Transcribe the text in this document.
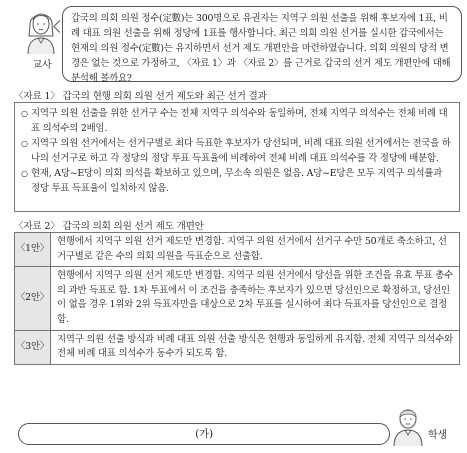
교사
갑국의 의회 의원 정수(定數)는 300명으로 유권자는 지역구 의원 선출을 위해 후보자에 1표, 비례 대표 의원 선출을 위해 정당에 1표를 행사합니다. 최근 의회 의원 선거를 실시한 갑국에서는 현재의 의원 정수(定數)는 유지하면서 선거 제도 개편안을 마련하였습니다. 의회 의원의 당적 변경은 없는 것으로 가정하고, 〈자료 1〉과 〈자료 2〉를 근거로 갑국의 선거 제도 개편안에 대해 분석해 볼까요?
〈자료 1〉 갑국의 현행 의회 의원 선거 제도와 최근 선거 결과
○ 지역구 의원 선출을 위한 선거구 수는 전체 지역구 의석수와 동일하며, 전체 지역구 의석수는 전체 비례 대표 의석수의 2배임.
○ 지역구 의원 선거에서는 선거구별로 최다 득표한 후보자가 당선되며, 비례 대표 의원 선거에서는 전국을 하나의 선거구로 하고 각 정당의 정당 투표 득표율에 비례하여 전체 비례 대표 의석수를 각 정당에 배분함.
○ 현재, A당~E당이 의회 의석을 확보하고 있으며, 무소속 의원은 없음. A당~E당은 모두 지역구 의석률과 정당 투표 득표율이 일치하지 않음.
〈자료 2〉 갑국의 의회 의원 선거 제도 개편안
〈1안〉	현행에서 지역구 의원 선거 제도만 변경함. 지역구 의원 선거에서 선거구 수만 50개로 축소하고, 선거구별로 같은 수의 의회 의원을 득표순으로 선출함.
〈2안〉	현행에서 지역구 의원 선거 제도만 변경함. 지역구 의원 선거에서 당선을 위한 조건을 유효 투표 총수의 과반 득표로 함. 1차 투표에서 이 조건을 충족하는 후보자가 있으면 당선인으로 확정하고, 당선인이 없을 경우 1위와 2위 득표자만을 대상으로 2차 투표를 실시하여 최다 득표자를 당선인으로 결정함.
〈3안〉	지역구 의원 선출 방식과 비례 대표 의원 선출 방식은 현행과 동일하게 유지함. 전체 지역구 의석수와 전체 비례 대표 의석수가 동수가 되도록 함.
(가)	학생
